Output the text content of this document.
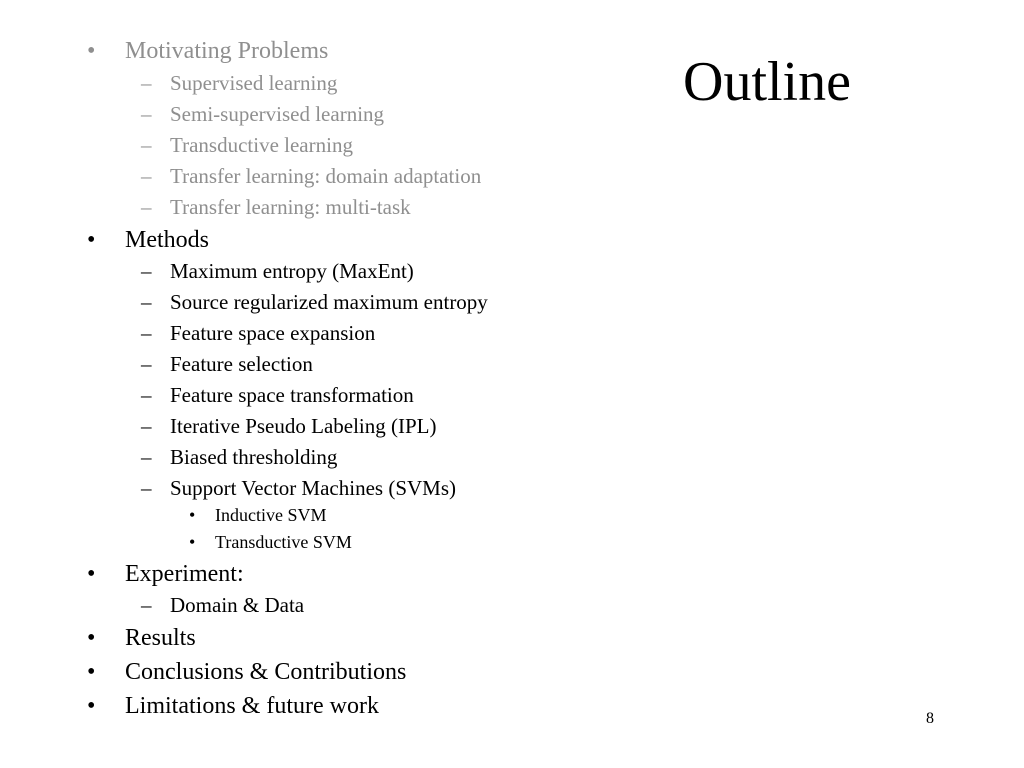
Outline
• Motivating Problems
– Supervised learning
– Semi-supervised learning
– Transductive learning
– Transfer learning: domain adaptation
– Transfer learning: multi-task
• Methods
– Maximum entropy (MaxEnt)
– Source regularized maximum entropy
– Feature space expansion
– Feature selection
– Feature space transformation
– Iterative Pseudo Labeling (IPL)
– Biased thresholding
– Support Vector Machines (SVMs)
• Inductive SVM
• Transductive SVM
• Experiment:
– Domain & Data
• Results
• Conclusions & Contributions
• Limitations & future work	8
